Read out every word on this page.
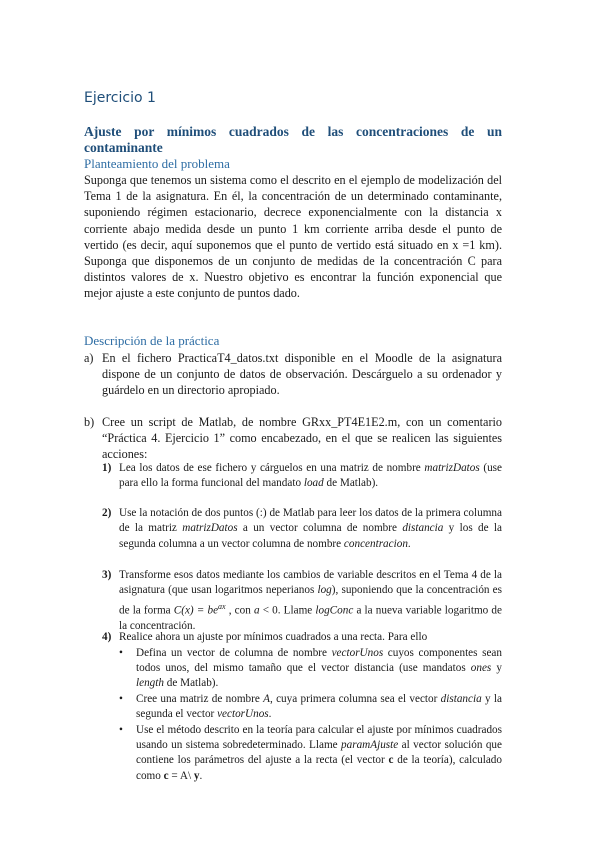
Ejercicio 1
Ajuste por mínimos cuadrados de las concentraciones de un contaminante
Planteamiento del problema

Suponga que tenemos un sistema como el descrito en el ejemplo de modelización del Tema 1 de la asignatura. En él, la concentración de un determinado contaminante, suponiendo régimen estacionario, decrece exponencialmente con la distancia x corriente abajo medida desde un punto 1 km corriente arriba desde el punto de vertido (es decir, aquí suponemos que el punto de vertido está situado en x =1 km). Suponga que disponemos de un conjunto de medidas de la concentración C para distintos valores de x. Nuestro objetivo es encontrar la función exponencial que mejor ajuste a este conjunto de puntos dado.

Descripción de la práctica
a) En el fichero PracticaT4_datos.txt disponible en el Moodle de la asignatura dispone de un conjunto de datos de observación. Descárguelo a su ordenador y guárdelo en un directorio apropiado.
b) Cree un script de Matlab, de nombre GRxx_PT4E1E2.m, con un comentario “Práctica 4. Ejercicio 1” como encabezado, en el que se realicen las siguientes acciones:
1) Lea los datos de ese fichero y cárguelos en una matriz de nombre matrizDatos (use para ello la forma funcional del mandato load de Matlab).
2) Use la notación de dos puntos (:) de Matlab para leer los datos de la primera columna de la matriz matrizDatos a un vector columna de nombre distancia y los de la segunda columna a un vector columna de nombre concentracion.
3) Transforme esos datos mediante los cambios de variable descritos en el Tema 4 de la asignatura (que usan logaritmos neperianos log), suponiendo que la concentración es de la forma $C(x) = be^{ax}$ , con a < 0. Llame logConc a la nueva variable logaritmo de la concentración.
4) Realice ahora un ajuste por mínimos cuadrados a una recta. Para ello
• Defina un vector de columna de nombre vectorUnos cuyos componentes sean todos unos, del mismo tamaño que el vector distancia (use mandatos ones y length de Matlab).
• Cree una matriz de nombre A, cuya primera columna sea el vector distancia y la segunda el vector vectorUnos.
• Use el método descrito en la teoría para calcular el ajuste por mínimos cuadrados usando un sistema sobredeterminado. Llame paramAjuste al vector solución que contiene los parámetros del ajuste a la recta (el vector c de la teoría), calculado como c = A\ y.
